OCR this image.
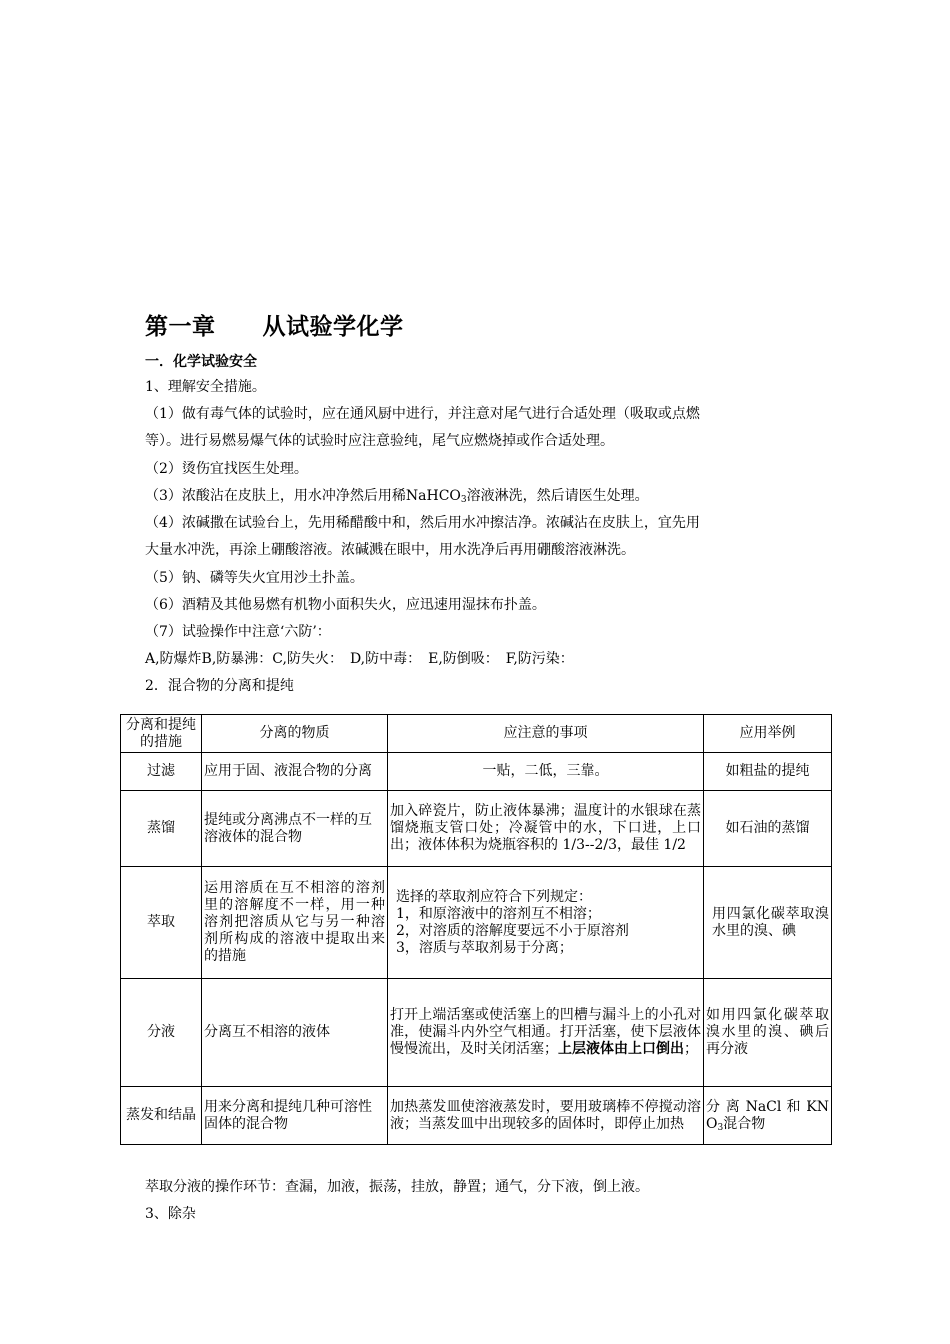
第一章　　从试验学化学
一．化学试验安全
1、理解安全措施。
（1）做有毒气体的试验时，应在通风厨中进行，并注意对尾气进行合适处理（吸取或点燃
等）。进行易燃易爆气体的试验时应注意验纯，尾气应燃烧掉或作合适处理。
（2）烫伤宜找医生处理。
（3）浓酸沾在皮肤上，用水冲净然后用稀NaHCO$_3$溶液淋洗，然后请医生处理。
（4）浓碱撒在试验台上，先用稀醋酸中和，然后用水冲擦洁净。浓碱沾在皮肤上，宜先用
大量水冲洗，再涂上硼酸溶液。浓碱溅在眼中，用水洗净后再用硼酸溶液淋洗。
（5）钠、磷等失火宜用沙土扑盖。
（6）酒精及其他易燃有机物小面积失火，应迅速用湿抹布扑盖。
（7）试验操作中注意‘六防’：
A,防爆炸B,防暴沸：C,防失火：　D,防中毒：　E,防倒吸：　F,防污染：
2．混合物的分离和提纯
分离和提纯的措施	分离的物质	应注意的事项	应用举例
过滤	应用于固、液混合物的分离	一贴，二低，三靠。	如粗盐的提纯
蒸馏	提纯或分离沸点不一样的互溶液体的混合物	加入碎瓷片，防止液体暴沸；温度计的水银球在蒸馏烧瓶支管口处；冷凝管中的水，下口进，上口出；液体体积为烧瓶容积的 1/3--2/3，最佳 1/2	如石油的蒸馏
萃取	运用溶质在互不相溶的溶剂里的溶解度不一样，用一种溶剂把溶质从它与另一种溶剂所构成的溶液中提取出来的措施	选择的萃取剂应符合下列规定：
1，和原溶液中的溶剂互不相溶；
2，对溶质的溶解度要远不小于原溶剂
3，溶质与萃取剂易于分离；	用四氯化碳萃取溴水里的溴、碘
分液	分离互不相溶的液体	打开上端活塞或使活塞上的凹槽与漏斗上的小孔对准，使漏斗内外空气相通。打开活塞，使下层液体慢慢流出，及时关闭活塞；上层液体由上口倒出；	如用四氯化碳萃取溴水里的溴、碘后再分液
蒸发和结晶	用来分离和提纯几种可溶性固体的混合物	加热蒸发皿使溶液蒸发时，要用玻璃棒不停搅动溶液；当蒸发皿中出现较多的固体时，即停止加热	分 离 NaCl 和 $KNO_3$混合物
萃取分液的操作环节：查漏，加液，振荡，挂放，静置；通气，分下液，倒上液。
3、除杂
